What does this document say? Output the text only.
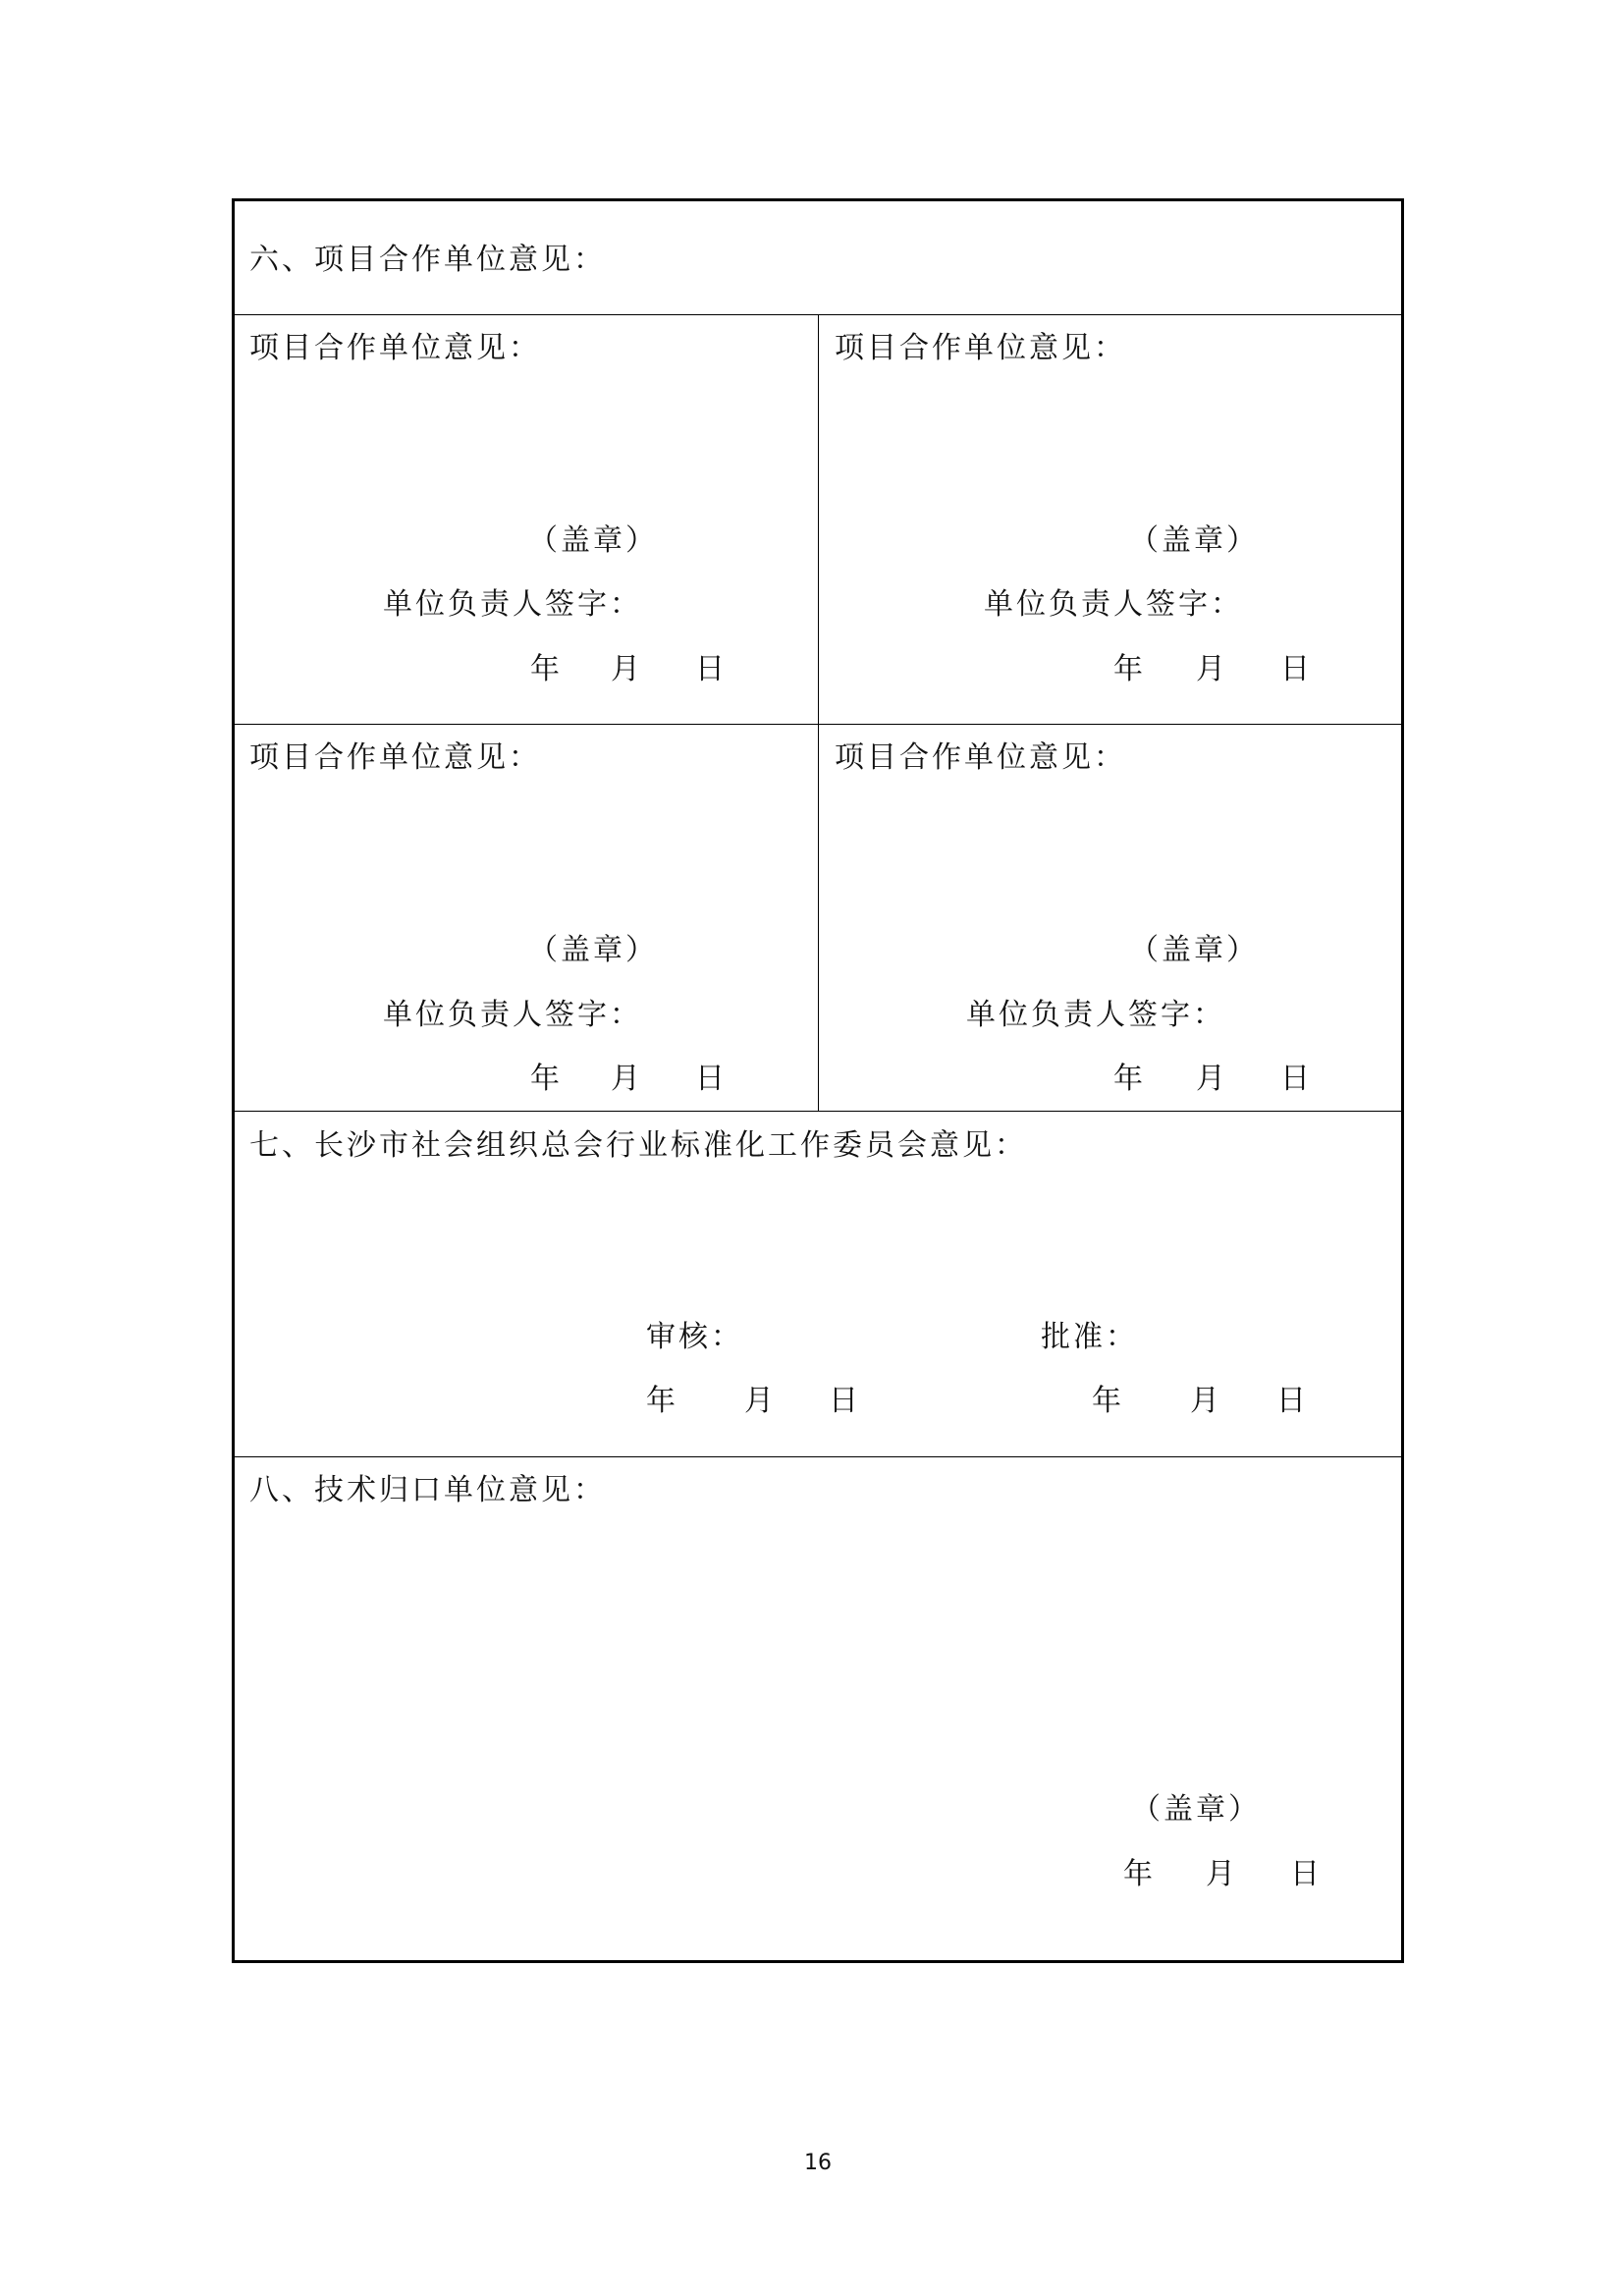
六、项目合作单位意见：
项目合作单位意见：
（盖章）
单位负责人签字：
年 月 日
项目合作单位意见：
（盖章）
单位负责人签字：
年 月 日
项目合作单位意见：
（盖章）
单位负责人签字：
年 月 日
项目合作单位意见：
（盖章）
单位负责人签字：
年 月 日
七、长沙市社会组织总会行业标准化工作委员会意见：
审核：	批准：
年 月 日	年 月 日
八、技术归口单位意见：
（盖章）
年 月 日
16
